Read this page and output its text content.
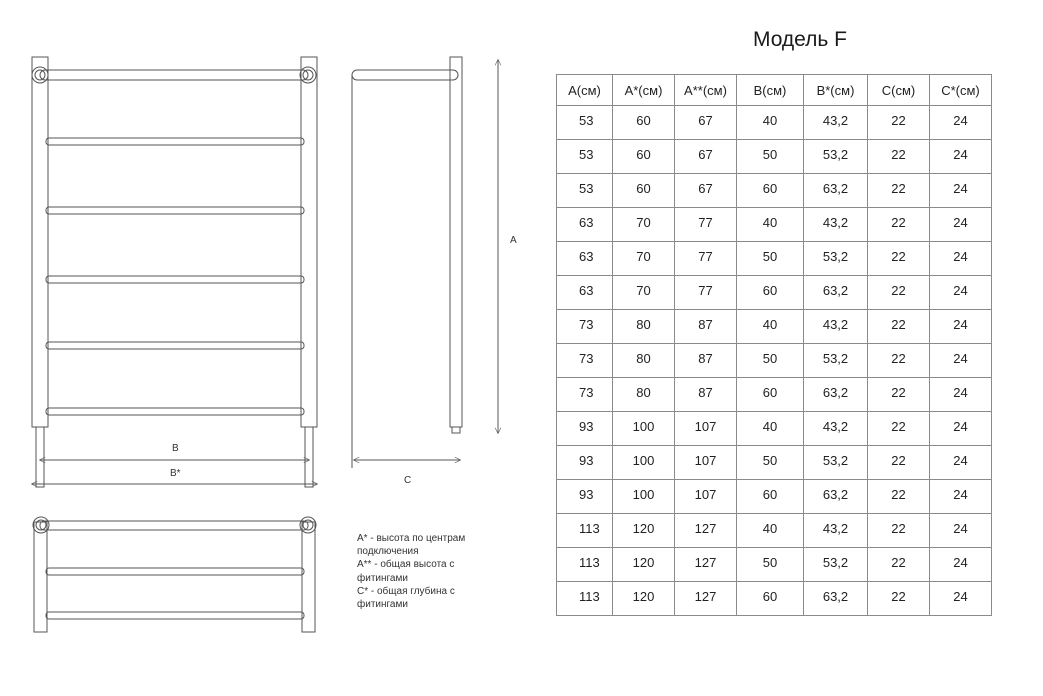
Модель F
B
B*
A
C
A* - высота по центрам
подключения
A** - общая высота с
фитингами
C* - общая глубина с
фитингами
A(см)	A*(см)	A**(см)	B(см)	B*(см)	C(см)	C*(см)
53	60	67	40	43,2	22	24
53	60	67	50	53,2	22	24
53	60	67	60	63,2	22	24
63	70	77	40	43,2	22	24
63	70	77	50	53,2	22	24
63	70	77	60	63,2	22	24
73	80	87	40	43,2	22	24
73	80	87	50	53,2	22	24
73	80	87	60	63,2	22	24
93	100	107	40	43,2	22	24
93	100	107	50	53,2	22	24
93	100	107	60	63,2	22	24
113	120	127	40	43,2	22	24
113	120	127	50	53,2	22	24
113	120	127	60	63,2	22	24
